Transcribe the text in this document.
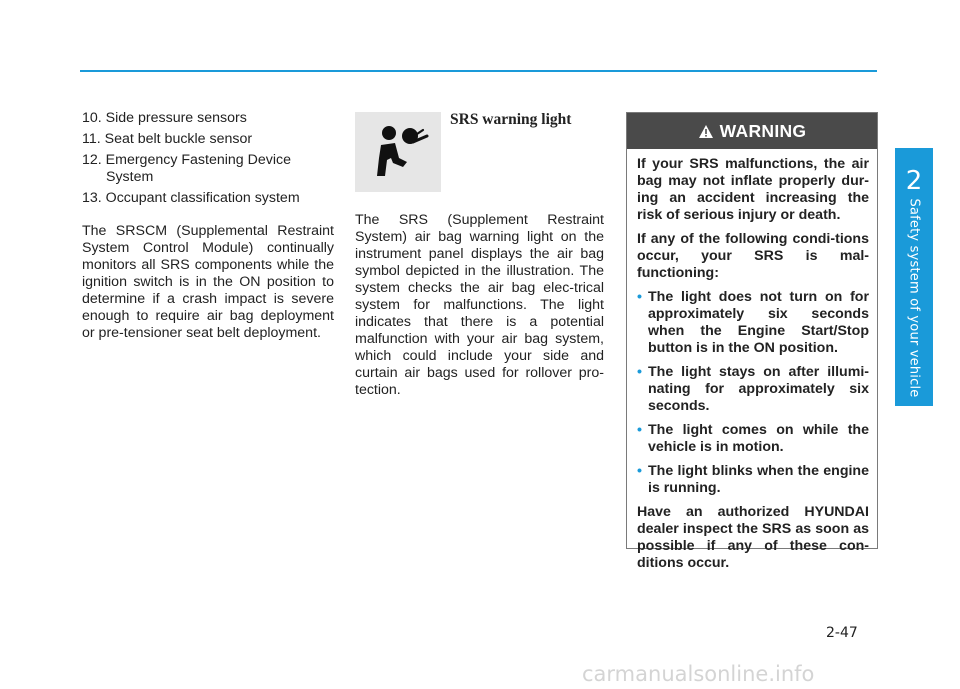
10. Side pressure sensors
11. Seat belt buckle sensor
12. Emergency Fastening Device
System
13. Occupant classification system
The SRSCM (Supplemental Restraint System Control Module) continually monitors all SRS components while the ignition switch is in the ON position to determine if a crash impact is severe enough to require air bag deployment or pre-tensioner seat belt deployment.
SRS warning light
The SRS (Supplement Restraint System) air bag warning light on the instrument panel displays the air bag symbol depicted in the illustration. The system checks the air bag elec-trical system for malfunctions. The light indicates that there is a potential malfunction with your air bag system, which could include your side and curtain air bags used for rollover pro-tection.
WARNING

If your SRS malfunctions, the air bag may not inflate properly dur-ing an accident increasing the risk of serious injury or death.

If any of the following condi-tions occur, your SRS is mal-functioning:

• The light does not turn on for approximately six seconds when the Engine Start/Stop button is in the ON position.
• The light stays on after illumi-nating for approximately six seconds.
• The light comes on while the vehicle is in motion.
• The light blinks when the engine is running.

Have an authorized HYUNDAI dealer inspect the SRS as soon as possible if any of these con-ditions occur.

2
Safety system of your vehicle
2-47
carmanualsonline.info
